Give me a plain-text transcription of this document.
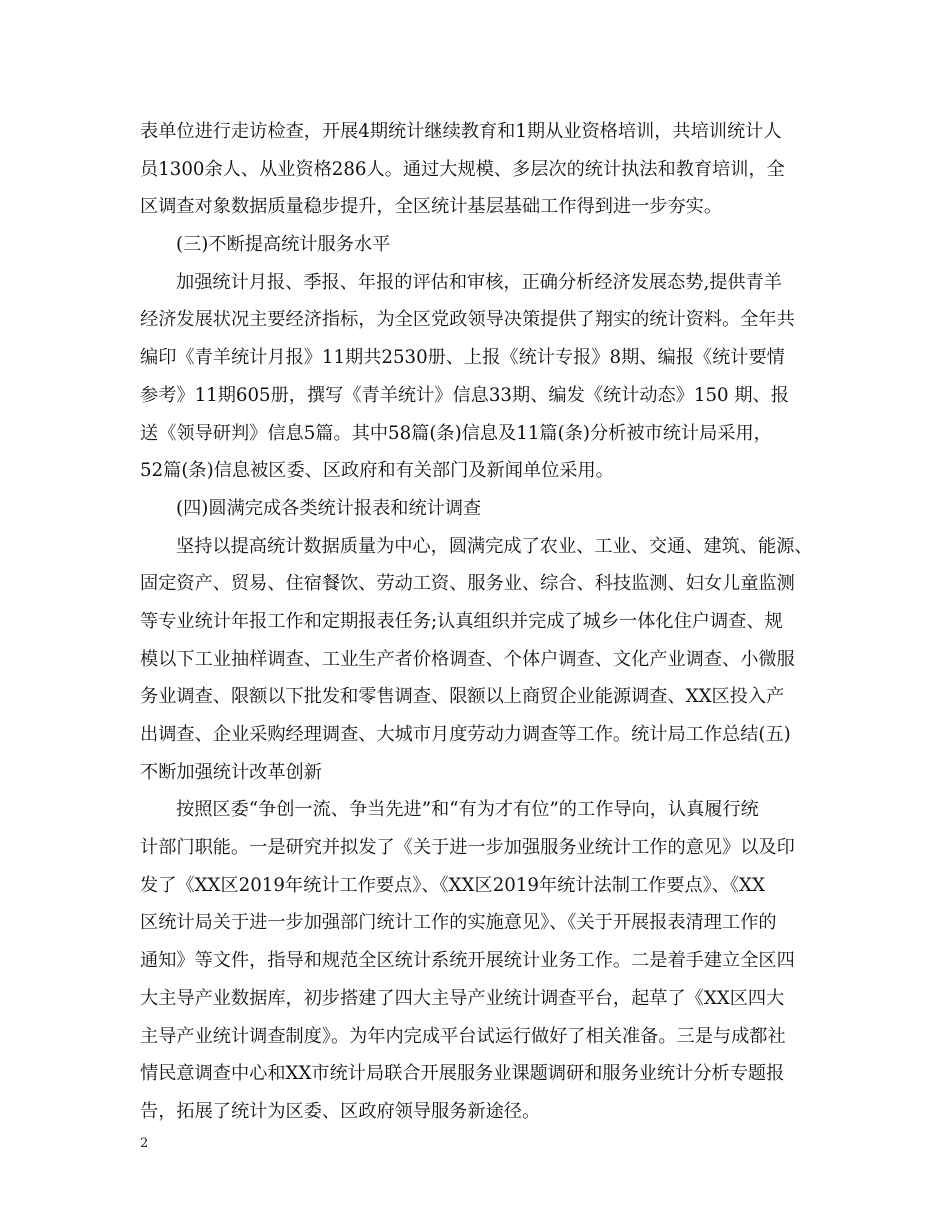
表单位进行走访检查，开展4期统计继续教育和1期从业资格培训，共培训统计人
员1300余人、从业资格286人。通过大规模、多层次的统计执法和教育培训，全
区调查对象数据质量稳步提升，全区统计基层基础工作得到进一步夯实。
(三)不断提高统计服务水平
加强统计月报、季报、年报的评估和审核，正确分析经济发展态势,提供青羊
经济发展状况主要经济指标，为全区党政领导决策提供了翔实的统计资料。全年共
编印《青羊统计月报》11期共2530册、上报《统计专报》8期、编报《统计要情
参考》11期605册，撰写《青羊统计》信息33期、编发《统计动态》150 期、报
送《领导研判》信息5篇。其中58篇(条)信息及11篇(条)分析被市统计局采用，
52篇(条)信息被区委、区政府和有关部门及新闻单位采用。
(四)圆满完成各类统计报表和统计调查
坚持以提高统计数据质量为中心，圆满完成了农业、工业、交通、建筑、能源、
固定资产、贸易、住宿餐饮、劳动工资、服务业、综合、科技监测、妇女儿童监测
等专业统计年报工作和定期报表任务;认真组织并完成了城乡一体化住户调查、规
模以下工业抽样调查、工业生产者价格调查、个体户调查、文化产业调查、小微服
务业调查、限额以下批发和零售调查、限额以上商贸企业能源调查、XX区投入产
出调查、企业采购经理调查、大城市月度劳动力调查等工作。统计局工作总结(五)
不断加强统计改革创新
按照区委“争创一流、争当先进”和“有为才有位”的工作导向，认真履行统
计部门职能。一是研究并拟发了《关于进一步加强服务业统计工作的意见》以及印
发了《XX区2019年统计工作要点》、《XX区2019年统计法制工作要点》、《XX
区统计局关于进一步加强部门统计工作的实施意见》、《关于开展报表清理工作的
通知》等文件，指导和规范全区统计系统开展统计业务工作。二是着手建立全区四
大主导产业数据库，初步搭建了四大主导产业统计调查平台，起草了《XX区四大
主导产业统计调查制度》。为年内完成平台试运行做好了相关准备。三是与成都社
情民意调查中心和XX市统计局联合开展服务业课题调研和服务业统计分析专题报
告，拓展了统计为区委、区政府领导服务新途径。
2
